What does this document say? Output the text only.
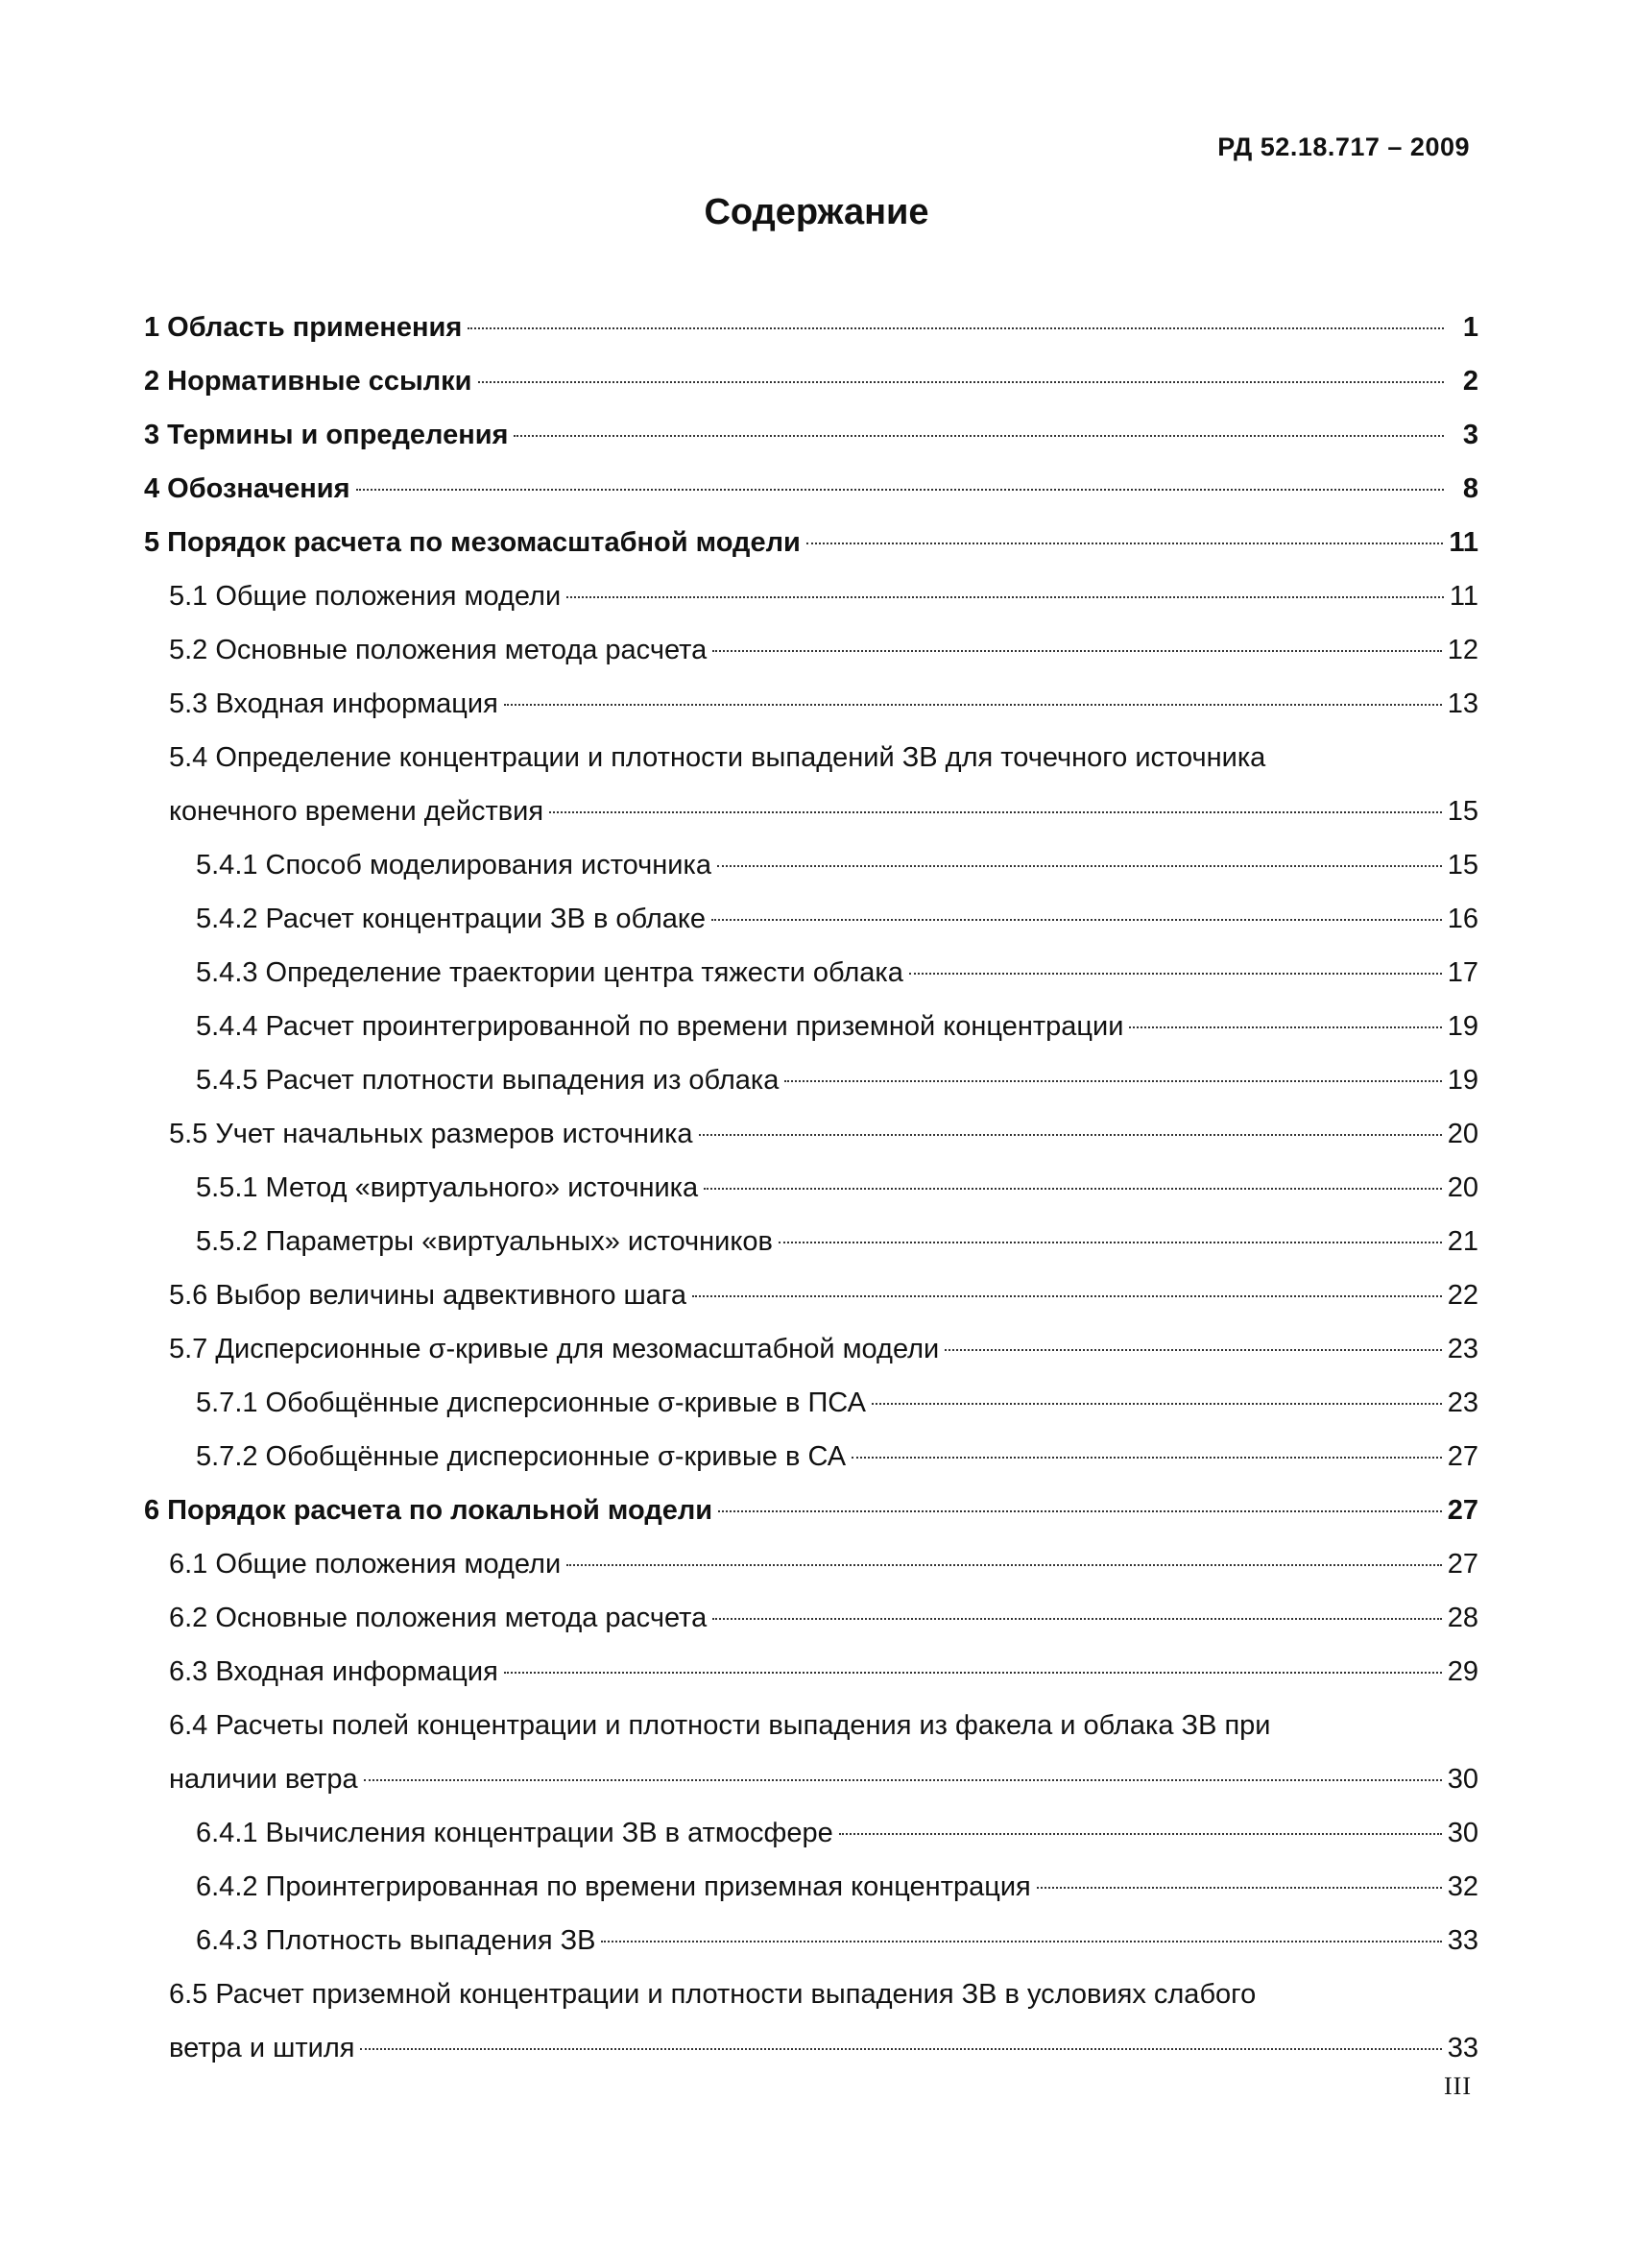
РД 52.18.717 – 2009
Содержание
1 Область применения	1
2 Нормативные ссылки	2
3 Термины и определения	3
4 Обозначения	8
5 Порядок расчета по мезомасштабной модели	11
5.1 Общие положения модели	11
5.2 Основные положения метода расчета	12
5.3 Входная информация	13
5.4 Определение концентрации и плотности выпадений ЗВ для точечного источника
конечного времени действия	15
5.4.1 Способ моделирования источника	15
5.4.2 Расчет концентрации ЗВ в облаке	16
5.4.3 Определение траектории центра тяжести облака	17
5.4.4 Расчет проинтегрированной по времени приземной концентрации	19
5.4.5 Расчет плотности выпадения из облака	19
5.5 Учет начальных размеров источника	20
5.5.1 Метод «виртуального» источника	20
5.5.2 Параметры «виртуальных» источников	21
5.6 Выбор величины адвективного шага	22
5.7 Дисперсионные σ-кривые для мезомасштабной модели	23
5.7.1 Обобщённые дисперсионные σ-кривые в ПСА	23
5.7.2 Обобщённые дисперсионные σ-кривые в СА	27
6 Порядок расчета по локальной модели	27
6.1 Общие положения модели	27
6.2 Основные положения метода расчета	28
6.3 Входная информация	29
6.4 Расчеты полей концентрации и плотности выпадения из факела и облака ЗВ при
наличии ветра	30
6.4.1 Вычисления концентрации ЗВ в атмосфере	30
6.4.2 Проинтегрированная по времени приземная концентрация	32
6.4.3 Плотность выпадения ЗВ	33
6.5 Расчет приземной концентрации и плотности выпадения ЗВ в условиях слабого
ветра и штиля	33
III
